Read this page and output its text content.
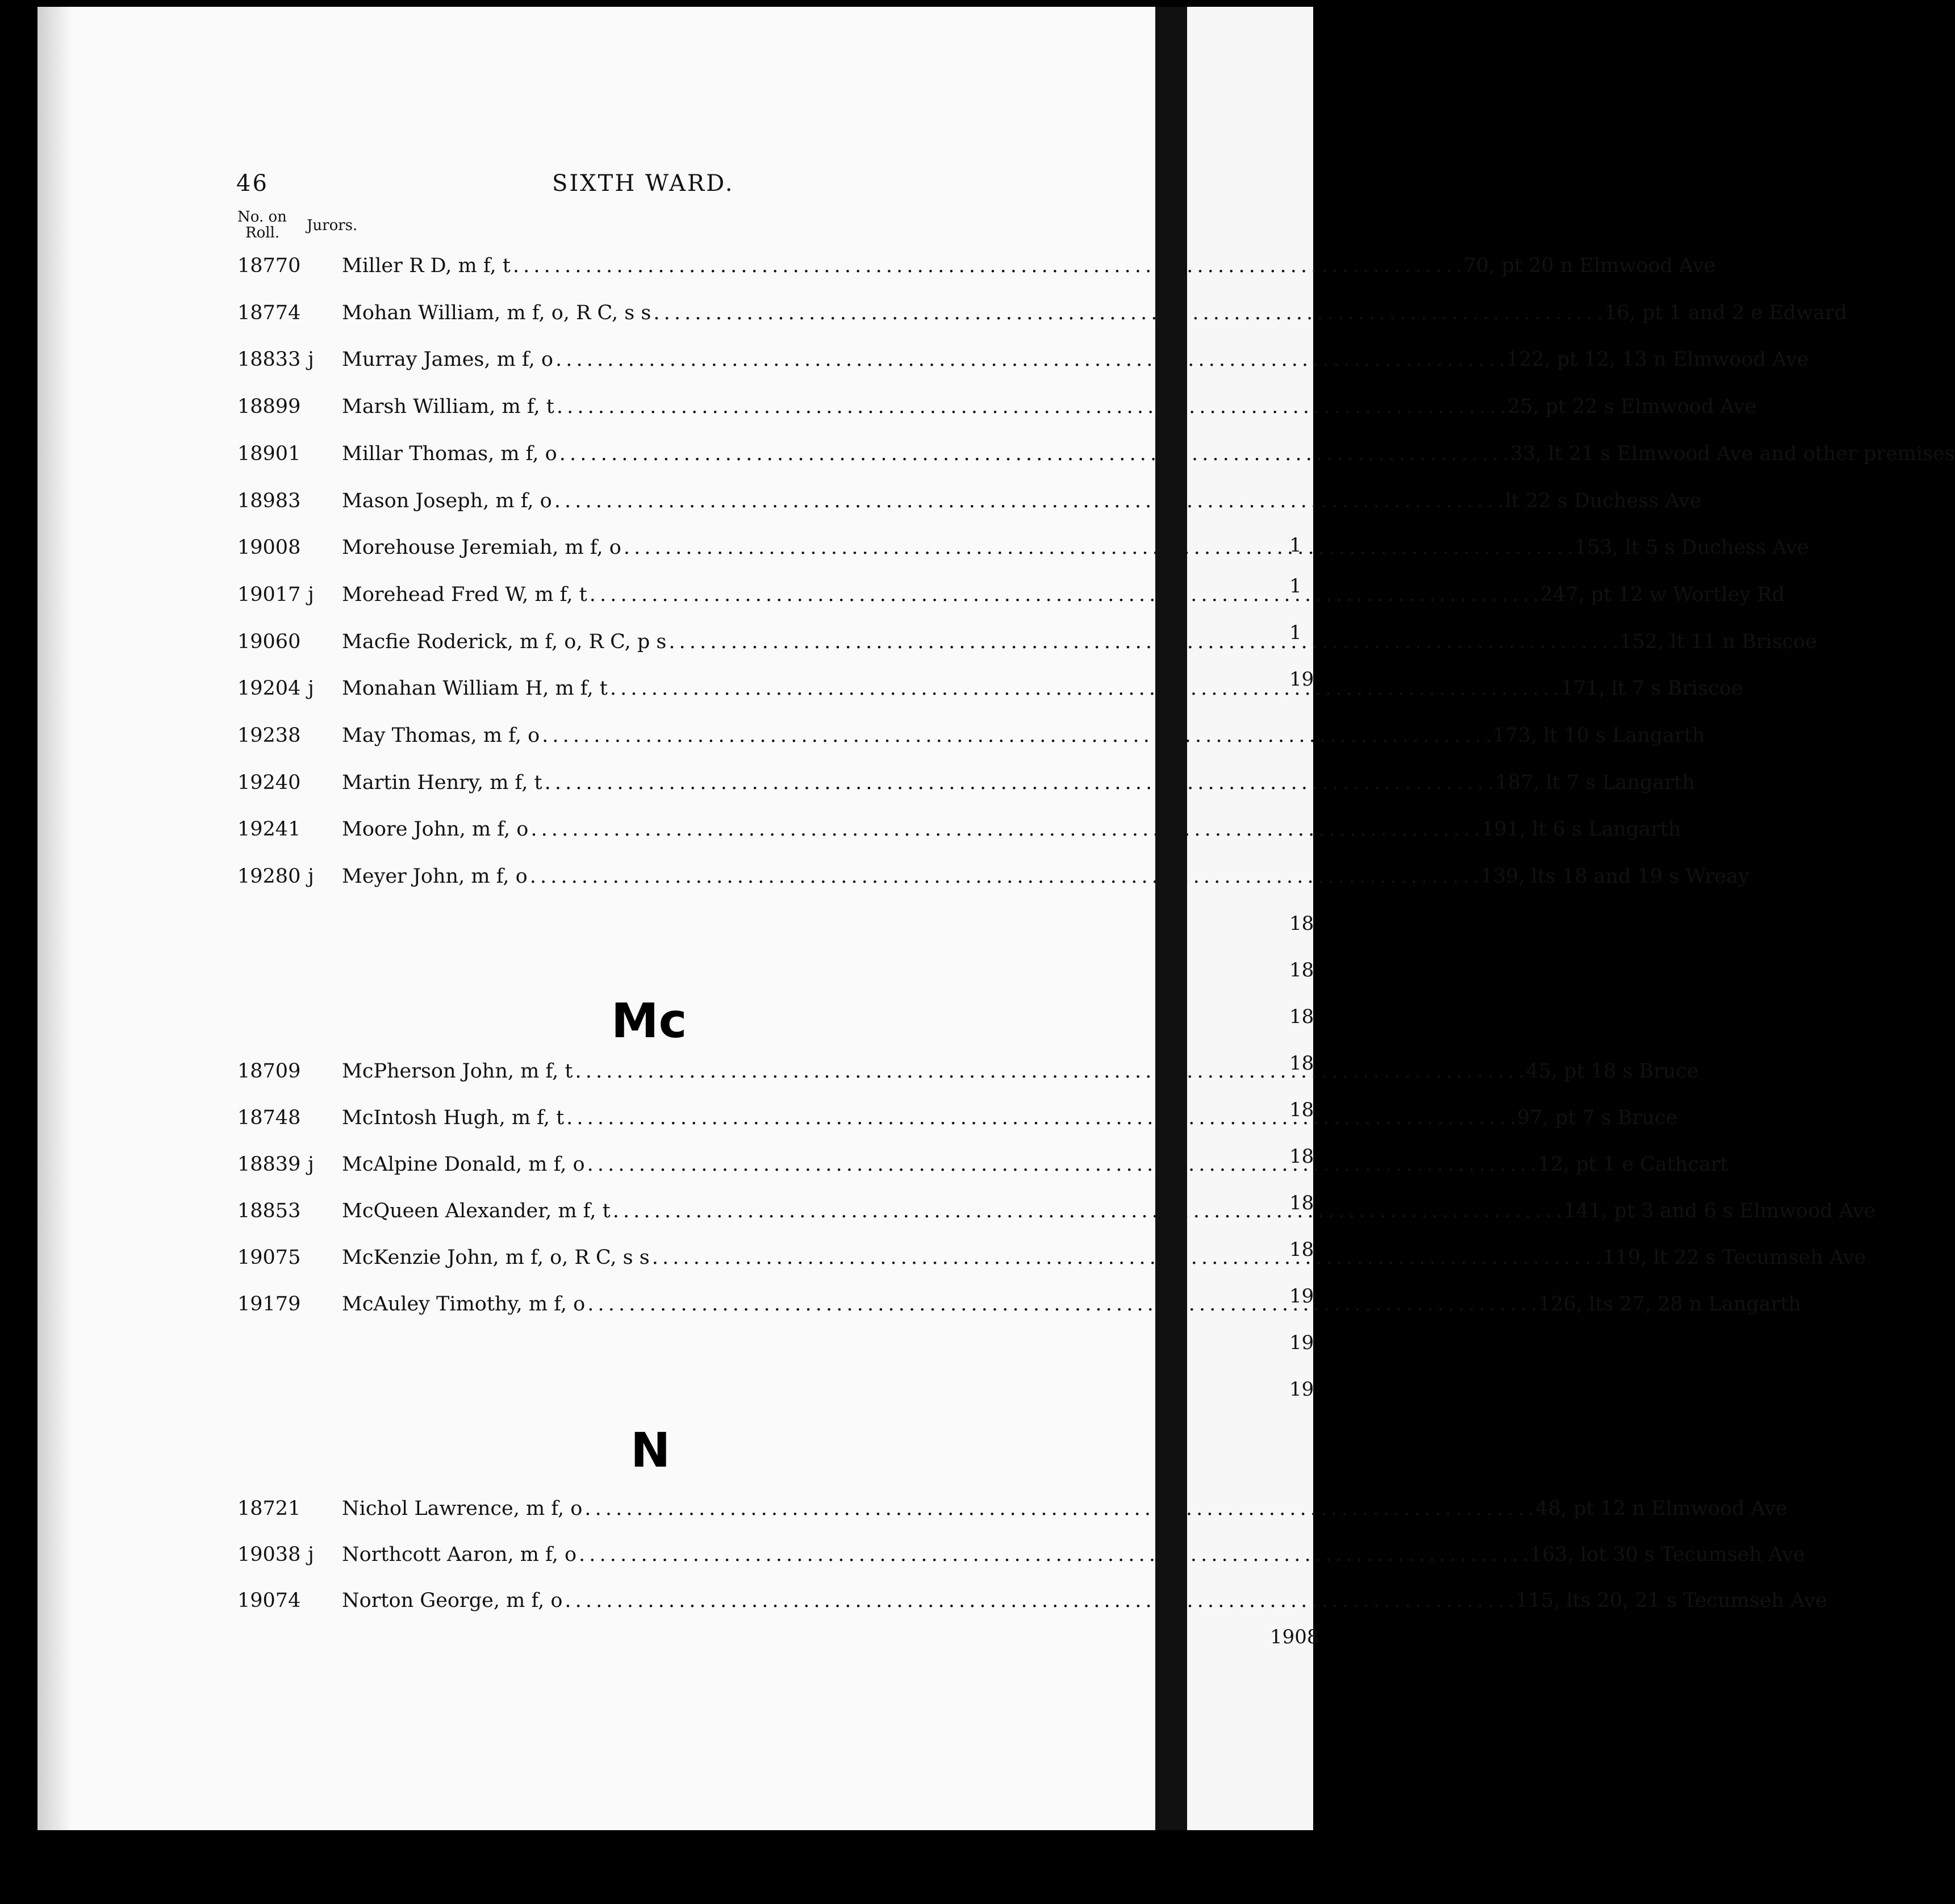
1
1
1
19
18
18
18
18
18
18
18
18
19
19
19
1908
46	SIXTH WARD.
No. on
Roll.	Jurors.
18770 Miller R D, m f, t . . .	70, pt 20 n Elmwood Ave
18774 Mohan William, m f, o, R C, s s . . .	16, pt 1 and 2 e Edward
18833 j	Murray James, m f, o . . .	122, pt 12, 13 n Elmwood Ave
18899 Marsh William, m f, t . . .	25, pt 22 s Elmwood Ave
18901 Millar Thomas, m f, o . . .	33, lt 21 s Elmwood Ave and other premises
18983 Mason Joseph, m f, o . . .	lt 22 s Duchess Ave
19008 Morehouse Jeremiah, m f, o . . .	153, lt 5 s Duchess Ave
19017 j	Morehead Fred W, m f, t . . .	247, pt 12 w Wortley Rd
19060 Macfie Roderick, m f, o, R C, p s . . .	152, lt 11 n Briscoe
19204 j	Monahan William H, m f, t . . .	171, lt 7 s Briscoe
19238 May Thomas, m f, o . . .	173, lt 10 s Langarth
19240 Martin Henry, m f, t . . .	187, lt 7 s Langarth
19241 Moore John, m f, o . . .	191, lt 6 s Langarth
19280 j	Meyer John, m f, o . . .	139, lts 18 and 19 s Wreay
Mc
18709 McPherson John, m f, t . . .	45, pt 18 s Bruce
18748 McIntosh Hugh, m f, t . . .	97, pt 7 s Bruce
18839 j	McAlpine Donald, m f, o . . .	12, pt 1 e Cathcart
18853 McQueen Alexander, m f, t . . .	141, pt 3 and 6 s Elmwood Ave
19075 McKenzie John, m f, o, R C, s s . . .	119, lt 22 s Tecumseh Ave
19179 McAuley Timothy, m f, o . . .	126, lts 27, 28 n Langarth
N
18721 Nichol Lawrence, m f, o . . .	48, pt 12 n Elmwood Ave
19038 j	Northcott Aaron, m f, o . . .	163, lot 30 s Tecumseh Ave
19074 Norton George, m f, o . . .	115, lts 20, 21 s Tecumseh Ave
